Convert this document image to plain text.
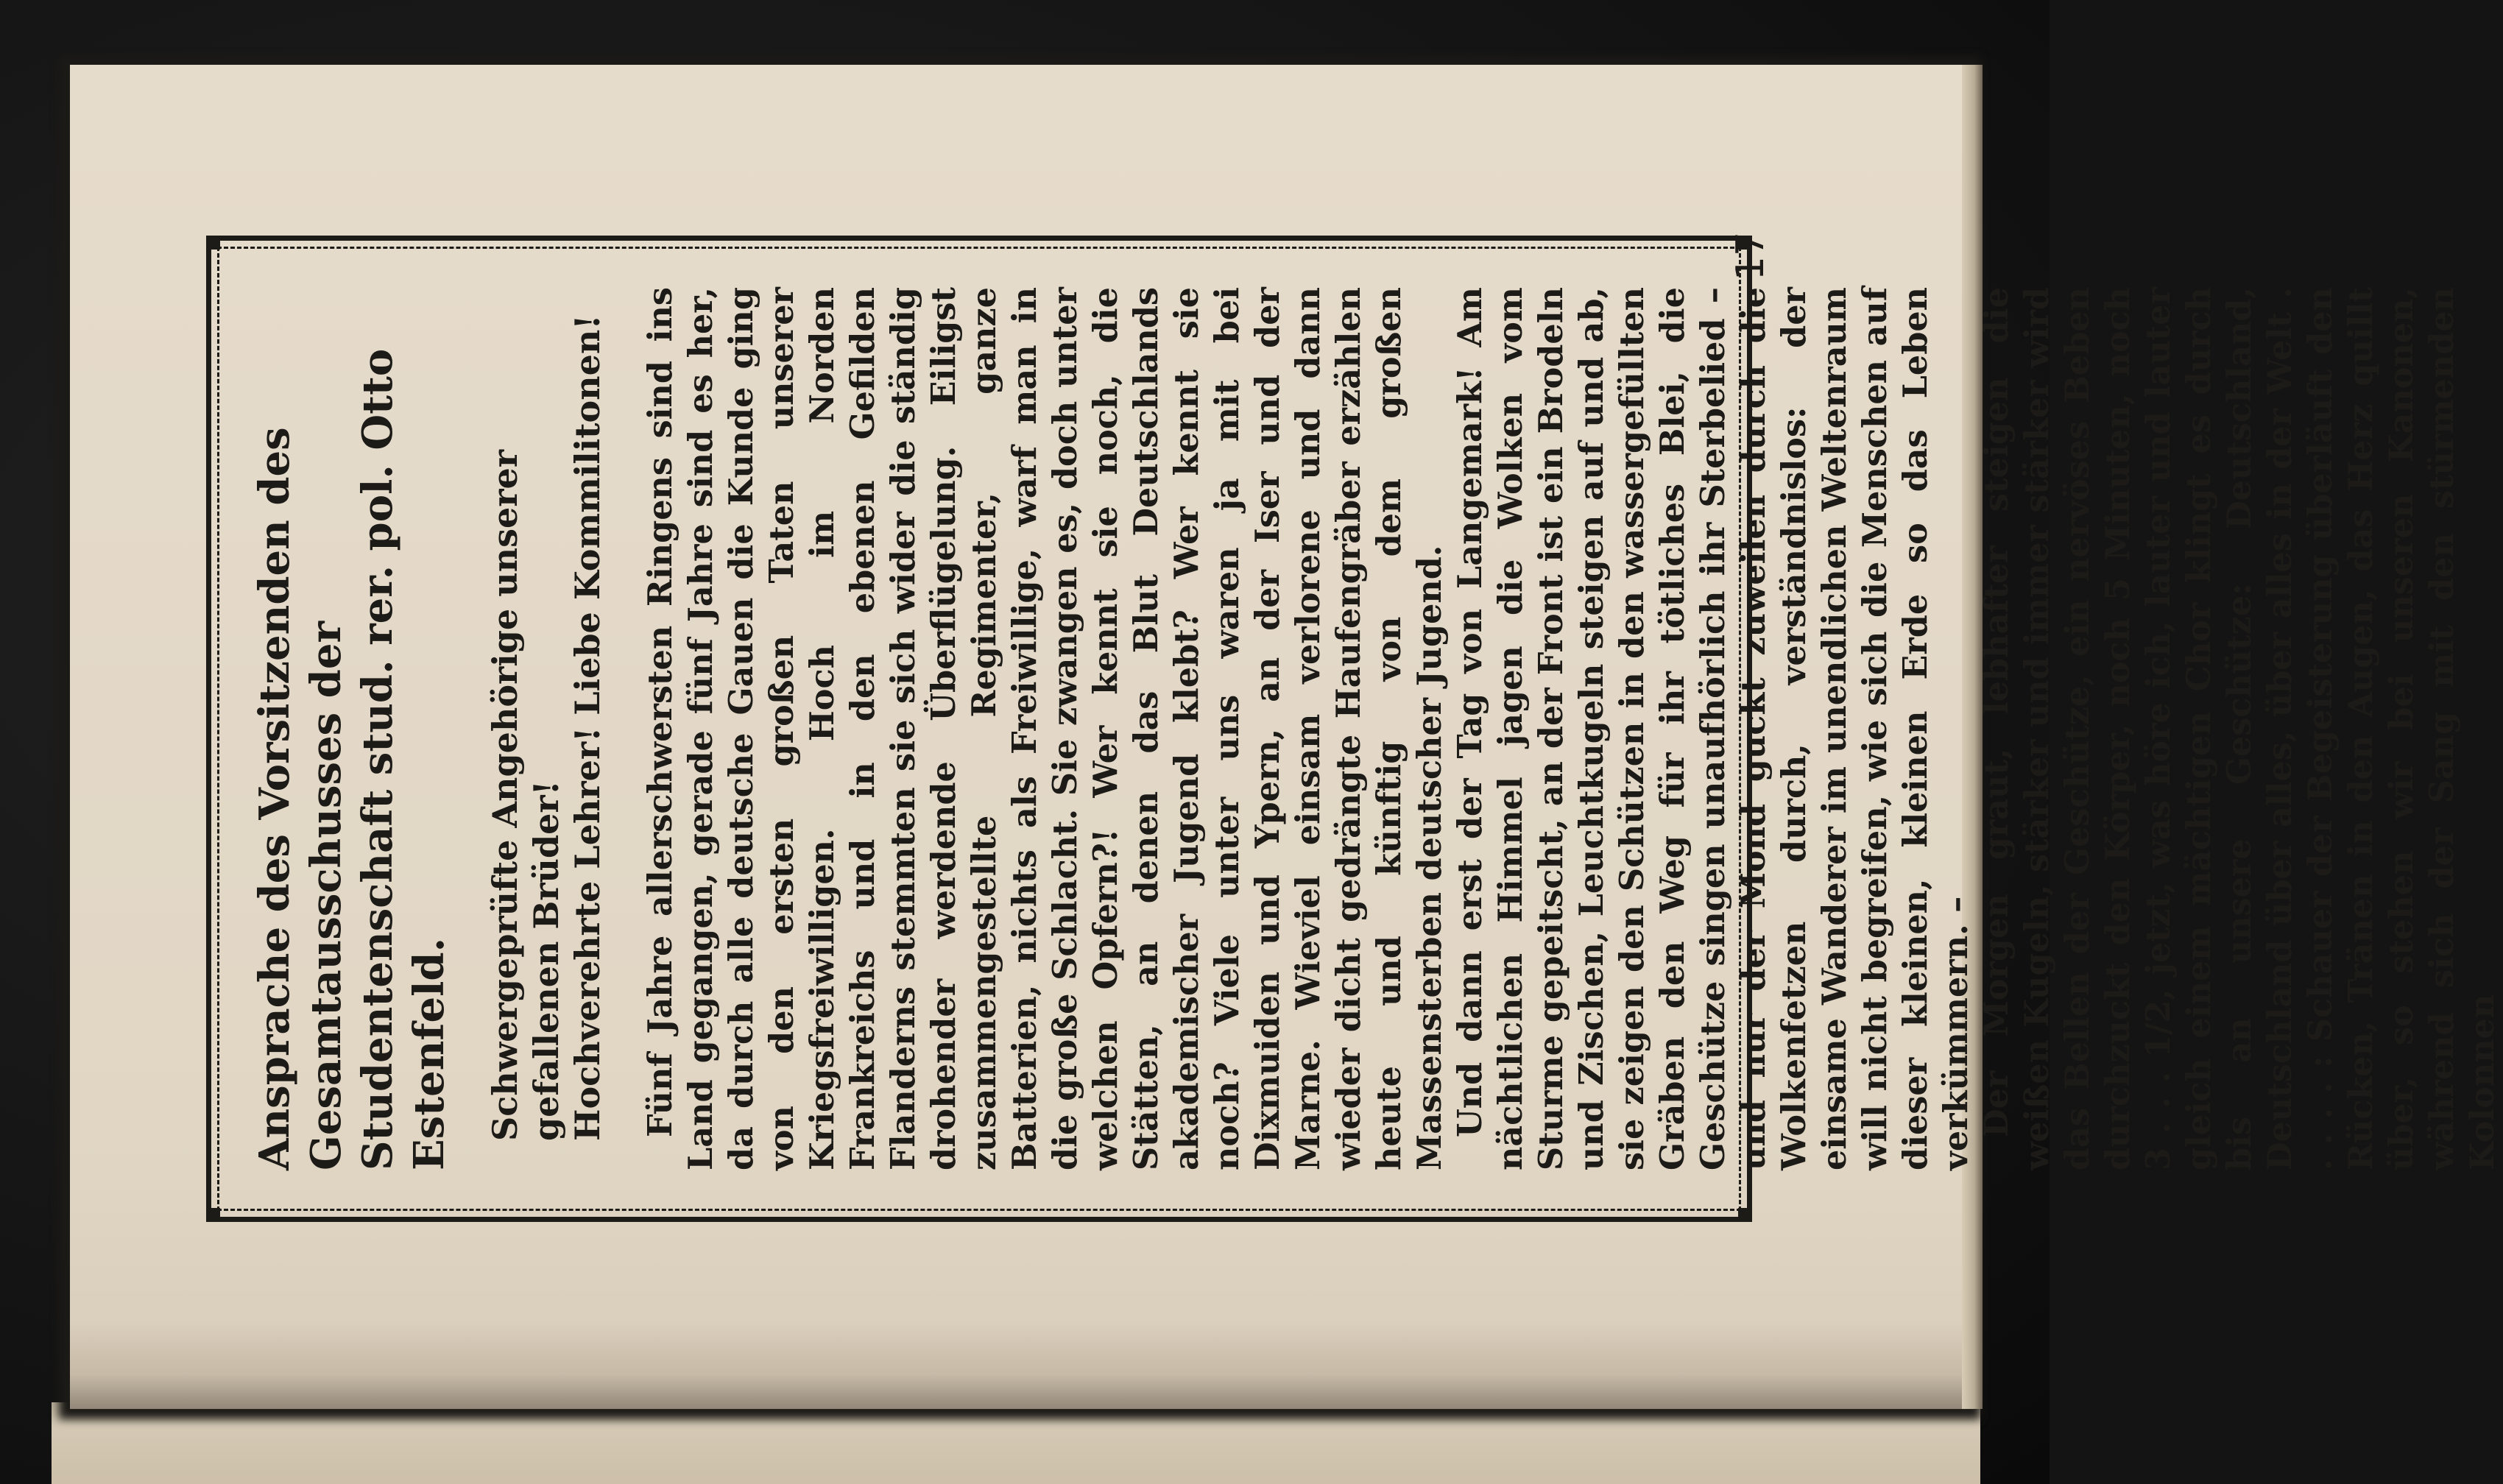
Ansprache des Vorsitzenden des Gesamtausschusses der Studentenschaft stud. rer. pol. Otto Estenfeld. Schwergeprüfte Angehörige unserer gefallenen Brüder! Hochverehrte Lehrer! Liebe Kommilitonen! Fünf Jahre allerschwersten Ringens sind ins Land gegangen, gerade fünf Jahre sind es her, da durch alle deutsche Gauen die Kunde ging von den ersten großen Taten unserer Kriegsfreiwilligen. Hoch im Norden Frankreichs und in den ebenen Gefilden Flanderns stemmten sie sich wider die ständig drohender werdende Überflügelung. Eiligst zusammengestellte Regimenter, ganze Batterien, nichts als Freiwillige, warf man in die große Schlacht. Sie zwangen es, doch unter welchen Opfern?! Wer kennt sie noch, die Stätten, an denen das Blut Deutschlands akademischer Jugend klebt? Wer kennt sie noch? Viele unter uns waren ja mit bei Dixmuiden und Ypern, an der Iser und der Marne. Wieviel einsam verlorene und dann wieder dicht gedrängte Haufengräber erzählen heute und künftig von dem großen Massensterben deutscher Jugend. Und dann erst der Tag von Langemark! Am nächtlichen Himmel jagen die Wolken vom Sturme gepeitscht, an der Front ist ein Brodeln und Zischen, Leuchtkugeln steigen auf und ab, sie zeigen den Schützen in den wassergefüllten Gräben den Weg für ihr tötliches Blei, die Geschütze singen unaufhörlich ihr Sterbelied – und nur der Mond guckt zuweilen durch die Wolkenfetzen durch, verständnislos: der einsame Wanderer im unendlichen Weltenraum will nicht begreifen, wie sich die Menschen auf dieser kleinen, kleinen Erde so das Leben verkümmern. – Der Morgen graut, lebhafter steigen die weißen Kugeln, stärker und immer stärker wird das Bellen der Geschütze, ein nervöses Beben durchzuckt den Körper, noch 5 Minuten, noch 3 . . . 1/2, jetzt, was höre ich, lauter und lauter gleich einem mächtigen Chor klingt es durch bis an unsere Geschütze: Deutschland, Deutschland über alles, über alles in der Welt . . . . . : Schauer der Begeisterung überläuft den Rücken, Tränen in den Augen, das Herz quillt über, so stehen wir bei unseren Kanonen, während sich der Sang mit den stürmenden Kolonnen

17
